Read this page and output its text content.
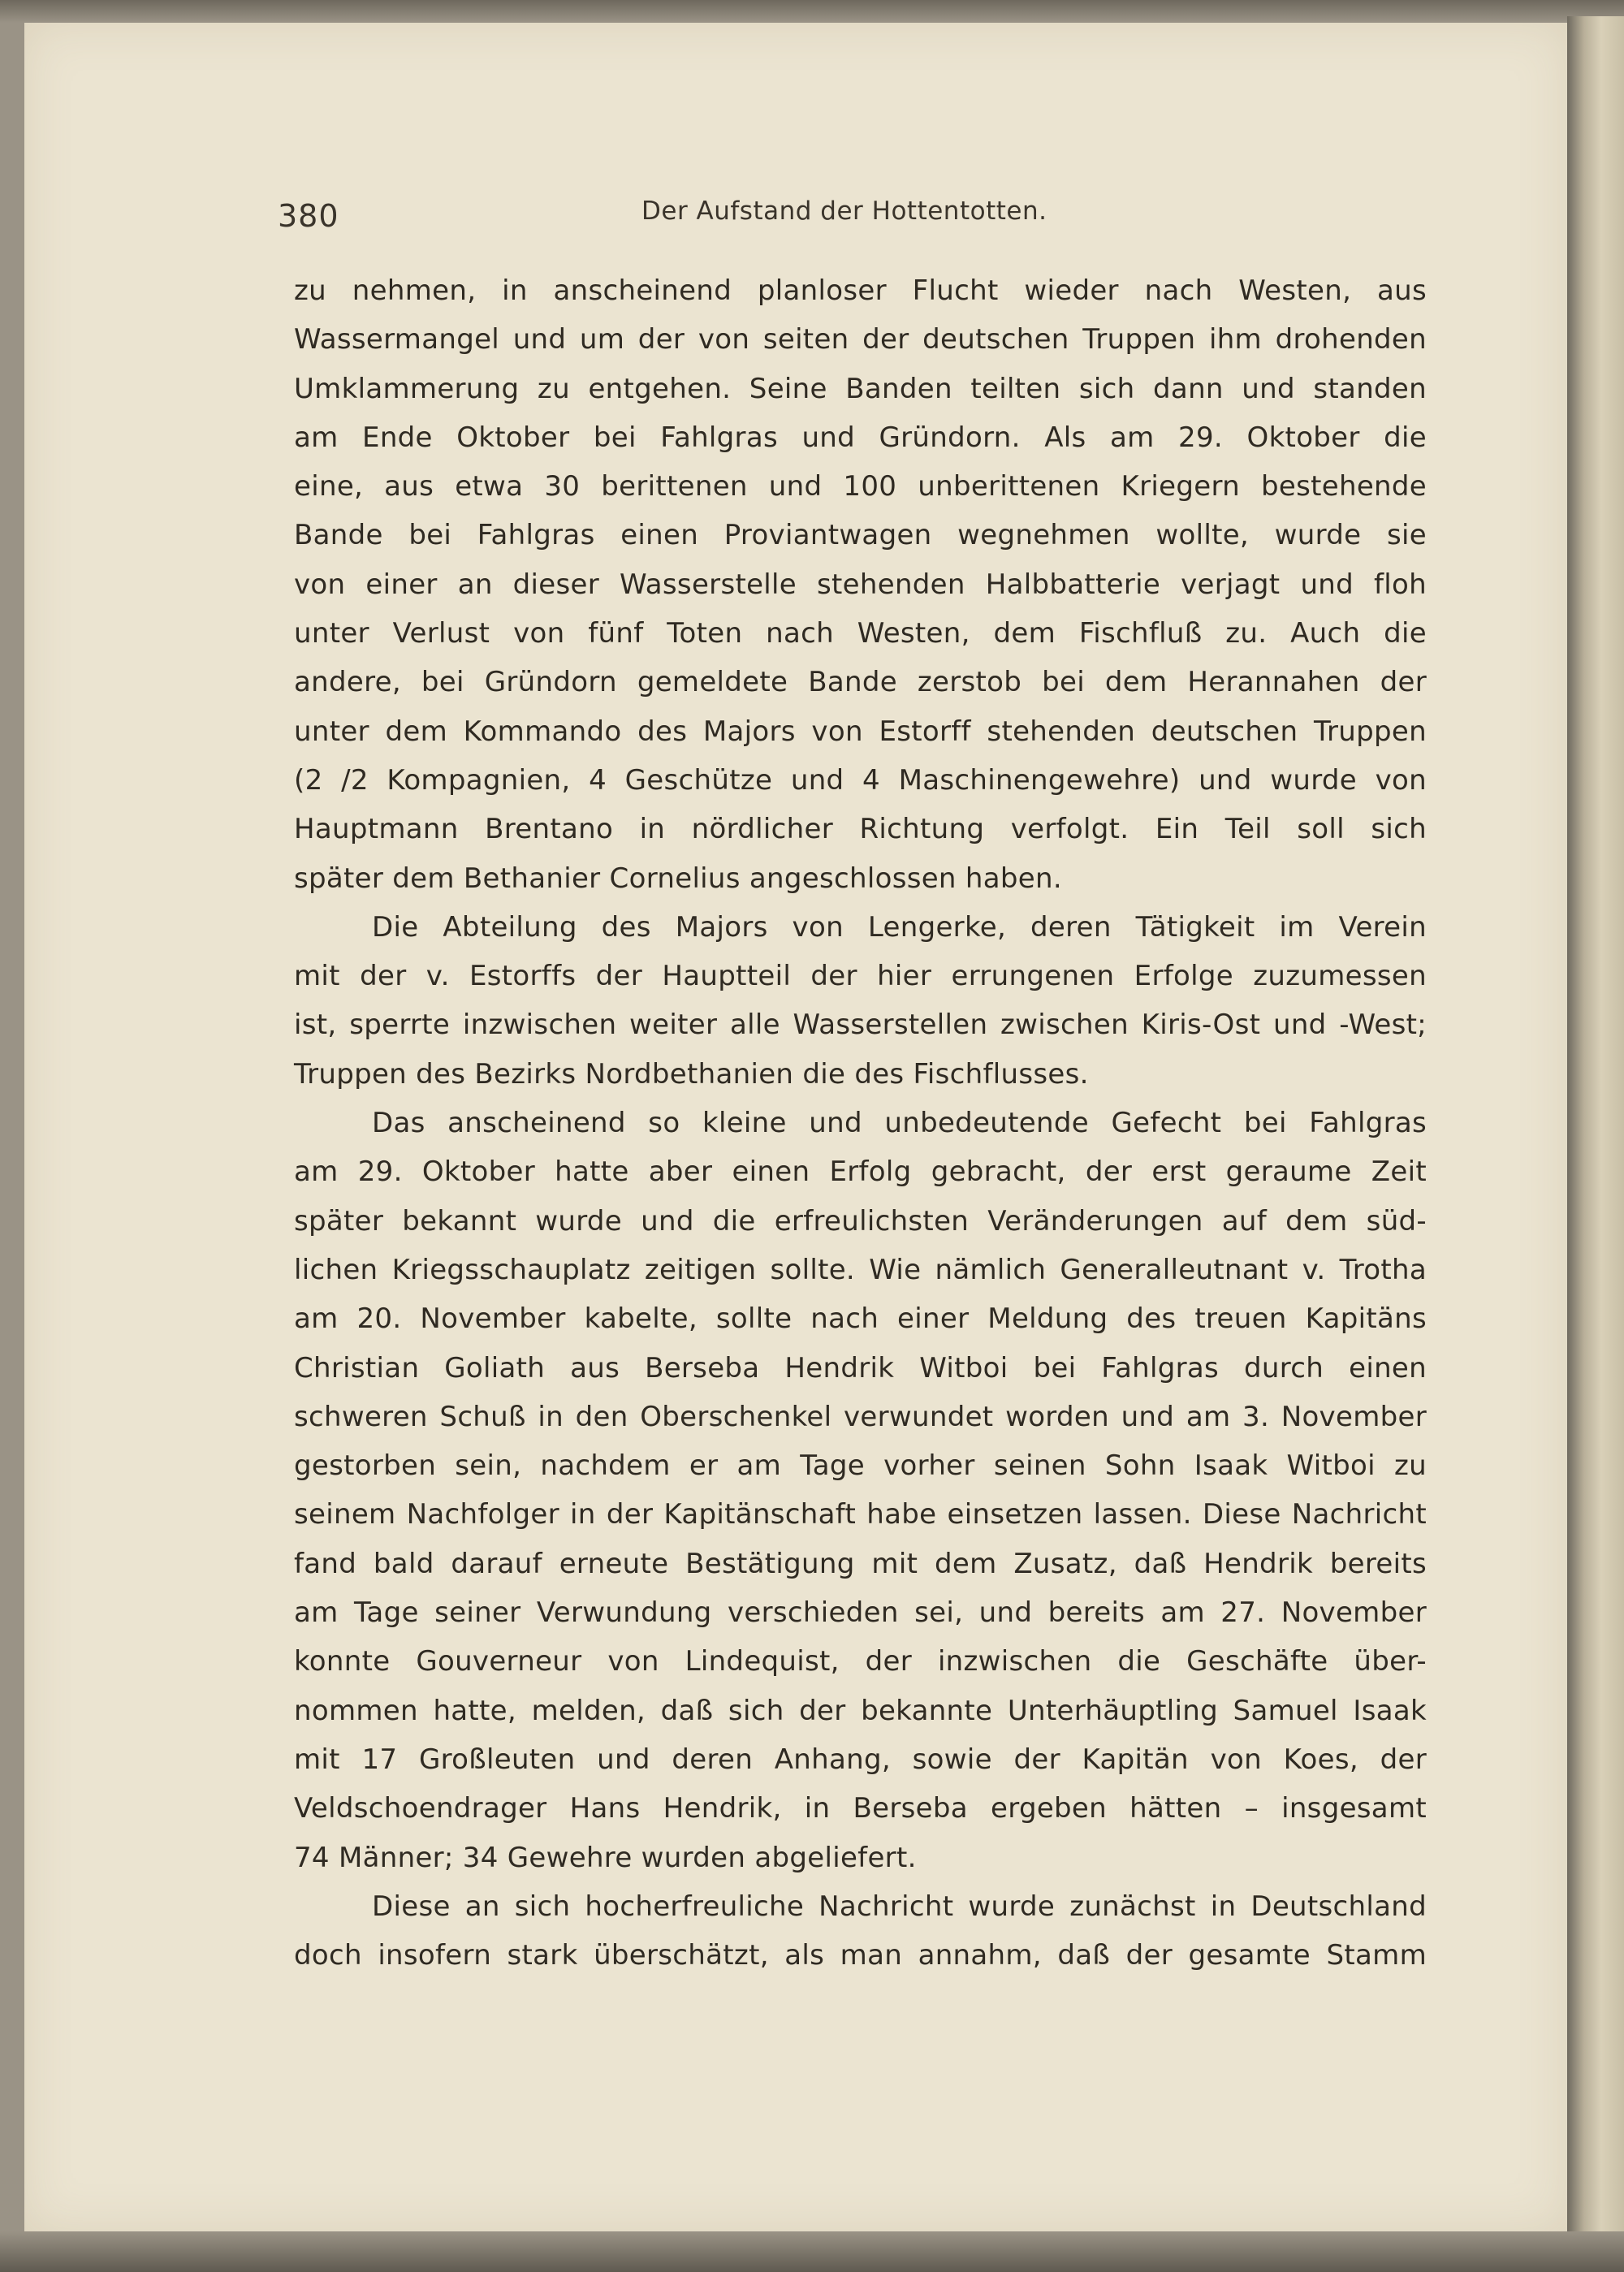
380	Der Aufstand der Hottentotten.
zu nehmen, in anscheinend planloser Flucht wieder nach Westen, aus
Wassermangel und um der von seiten der deutschen Truppen ihm drohenden
Umklammerung zu entgehen. Seine Banden teilten sich dann und standen
am Ende Oktober bei Fahlgras und Gründorn. Als am 29. Oktober die
eine, aus etwa 30 berittenen und 100 unberittenen Kriegern bestehende
Bande bei Fahlgras einen Proviantwagen wegnehmen wollte, wurde sie
von einer an dieser Wasserstelle stehenden Halbbatterie verjagt und floh
unter Verlust von fünf Toten nach Westen, dem Fischfluß zu. Auch die
andere, bei Gründorn gemeldete Bande zerstob bei dem Herannahen der
unter dem Kommando des Majors von Estorff stehenden deutschen Truppen
(2 /2 Kompagnien, 4 Geschütze und 4 Maschinengewehre) und wurde von
Hauptmann Brentano in nördlicher Richtung verfolgt. Ein Teil soll sich
später dem Bethanier Cornelius angeschlossen haben.
Die Abteilung des Majors von Lengerke, deren Tätigkeit im Verein
mit der v. Estorffs der Hauptteil der hier errungenen Erfolge zuzumessen
ist, sperrte inzwischen weiter alle Wasserstellen zwischen Kiris-Ost und -West;
Truppen des Bezirks Nordbethanien die des Fischflusses.
Das anscheinend so kleine und unbedeutende Gefecht bei Fahlgras
am 29. Oktober hatte aber einen Erfolg gebracht, der erst geraume Zeit
später bekannt wurde und die erfreulichsten Veränderungen auf dem süd-
lichen Kriegsschauplatz zeitigen sollte. Wie nämlich Generalleutnant v. Trotha
am 20. November kabelte, sollte nach einer Meldung des treuen Kapitäns
Christian Goliath aus Berseba Hendrik Witboi bei Fahlgras durch einen
schweren Schuß in den Oberschenkel verwundet worden und am 3. November
gestorben sein, nachdem er am Tage vorher seinen Sohn Isaak Witboi zu
seinem Nachfolger in der Kapitänschaft habe einsetzen lassen. Diese Nachricht
fand bald darauf erneute Bestätigung mit dem Zusatz, daß Hendrik bereits
am Tage seiner Verwundung verschieden sei, und bereits am 27. November
konnte Gouverneur von Lindequist, der inzwischen die Geschäfte über-
nommen hatte, melden, daß sich der bekannte Unterhäuptling Samuel Isaak
mit 17 Großleuten und deren Anhang, sowie der Kapitän von Koes, der
Veldschoendrager Hans Hendrik, in Berseba ergeben hätten – insgesamt
74 Männer; 34 Gewehre wurden abgeliefert.
Diese an sich hocherfreuliche Nachricht wurde zunächst in Deutschland
doch insofern stark überschätzt, als man annahm, daß der gesamte Stamm
